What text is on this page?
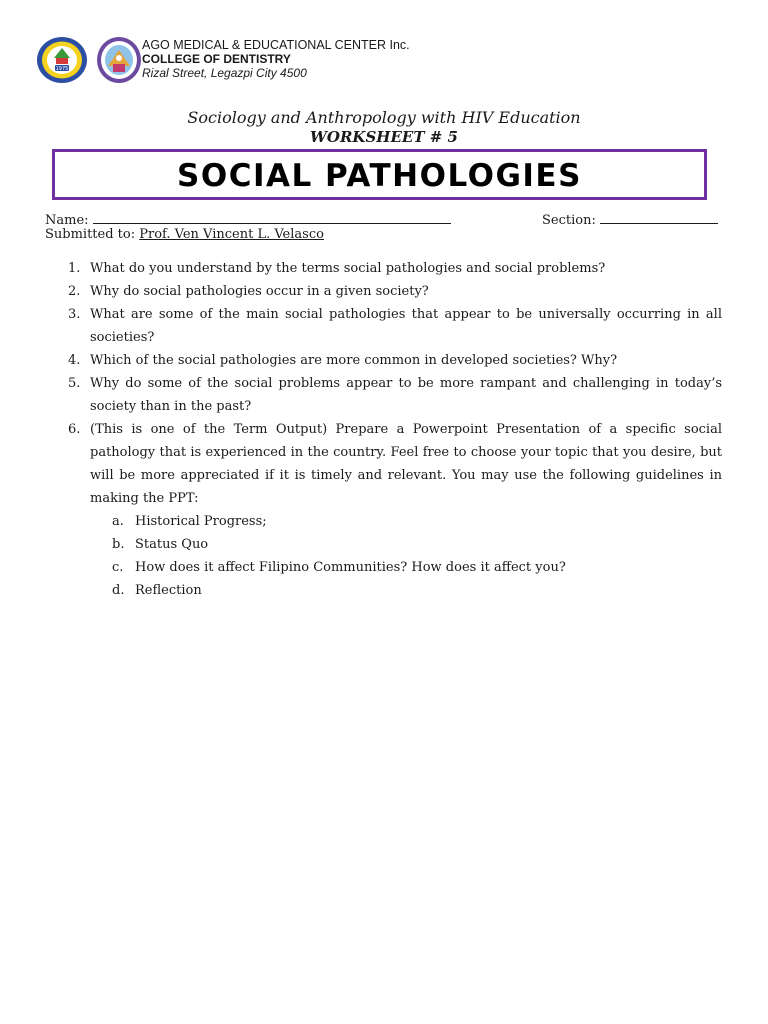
1975
AGO MEDICAL & EDUCATIONAL CENTER Inc.
COLLEGE OF DENTISTRY
Rizal Street, Legazpi City 4500
Sociology and Anthropology with HIV Education
WORKSHEET # 5
SOCIAL PATHOLOGIES
Name:	Section:
Submitted to: Prof. Ven Vincent L. Velasco
1. What do you understand by the terms social pathologies and social problems?
2. Why do social pathologies occur in a given society?
3. What are some of the main social pathologies that appear to be universally occurring in all societies?
4. Which of the social pathologies are more common in developed societies? Why?
5. Why do some of the social problems appear to be more rampant and challenging in today’s society than in the past?
6. (This is one of the Term Output) Prepare a Powerpoint Presentation of a specific social pathology that is experienced in the country. Feel free to choose your topic that you desire, but will be more appreciated if it is timely and relevant. You may use the following guidelines in making the PPT:
a. Historical Progress;
b. Status Quo
c. How does it affect Filipino Communities? How does it affect you?
d. Reflection
